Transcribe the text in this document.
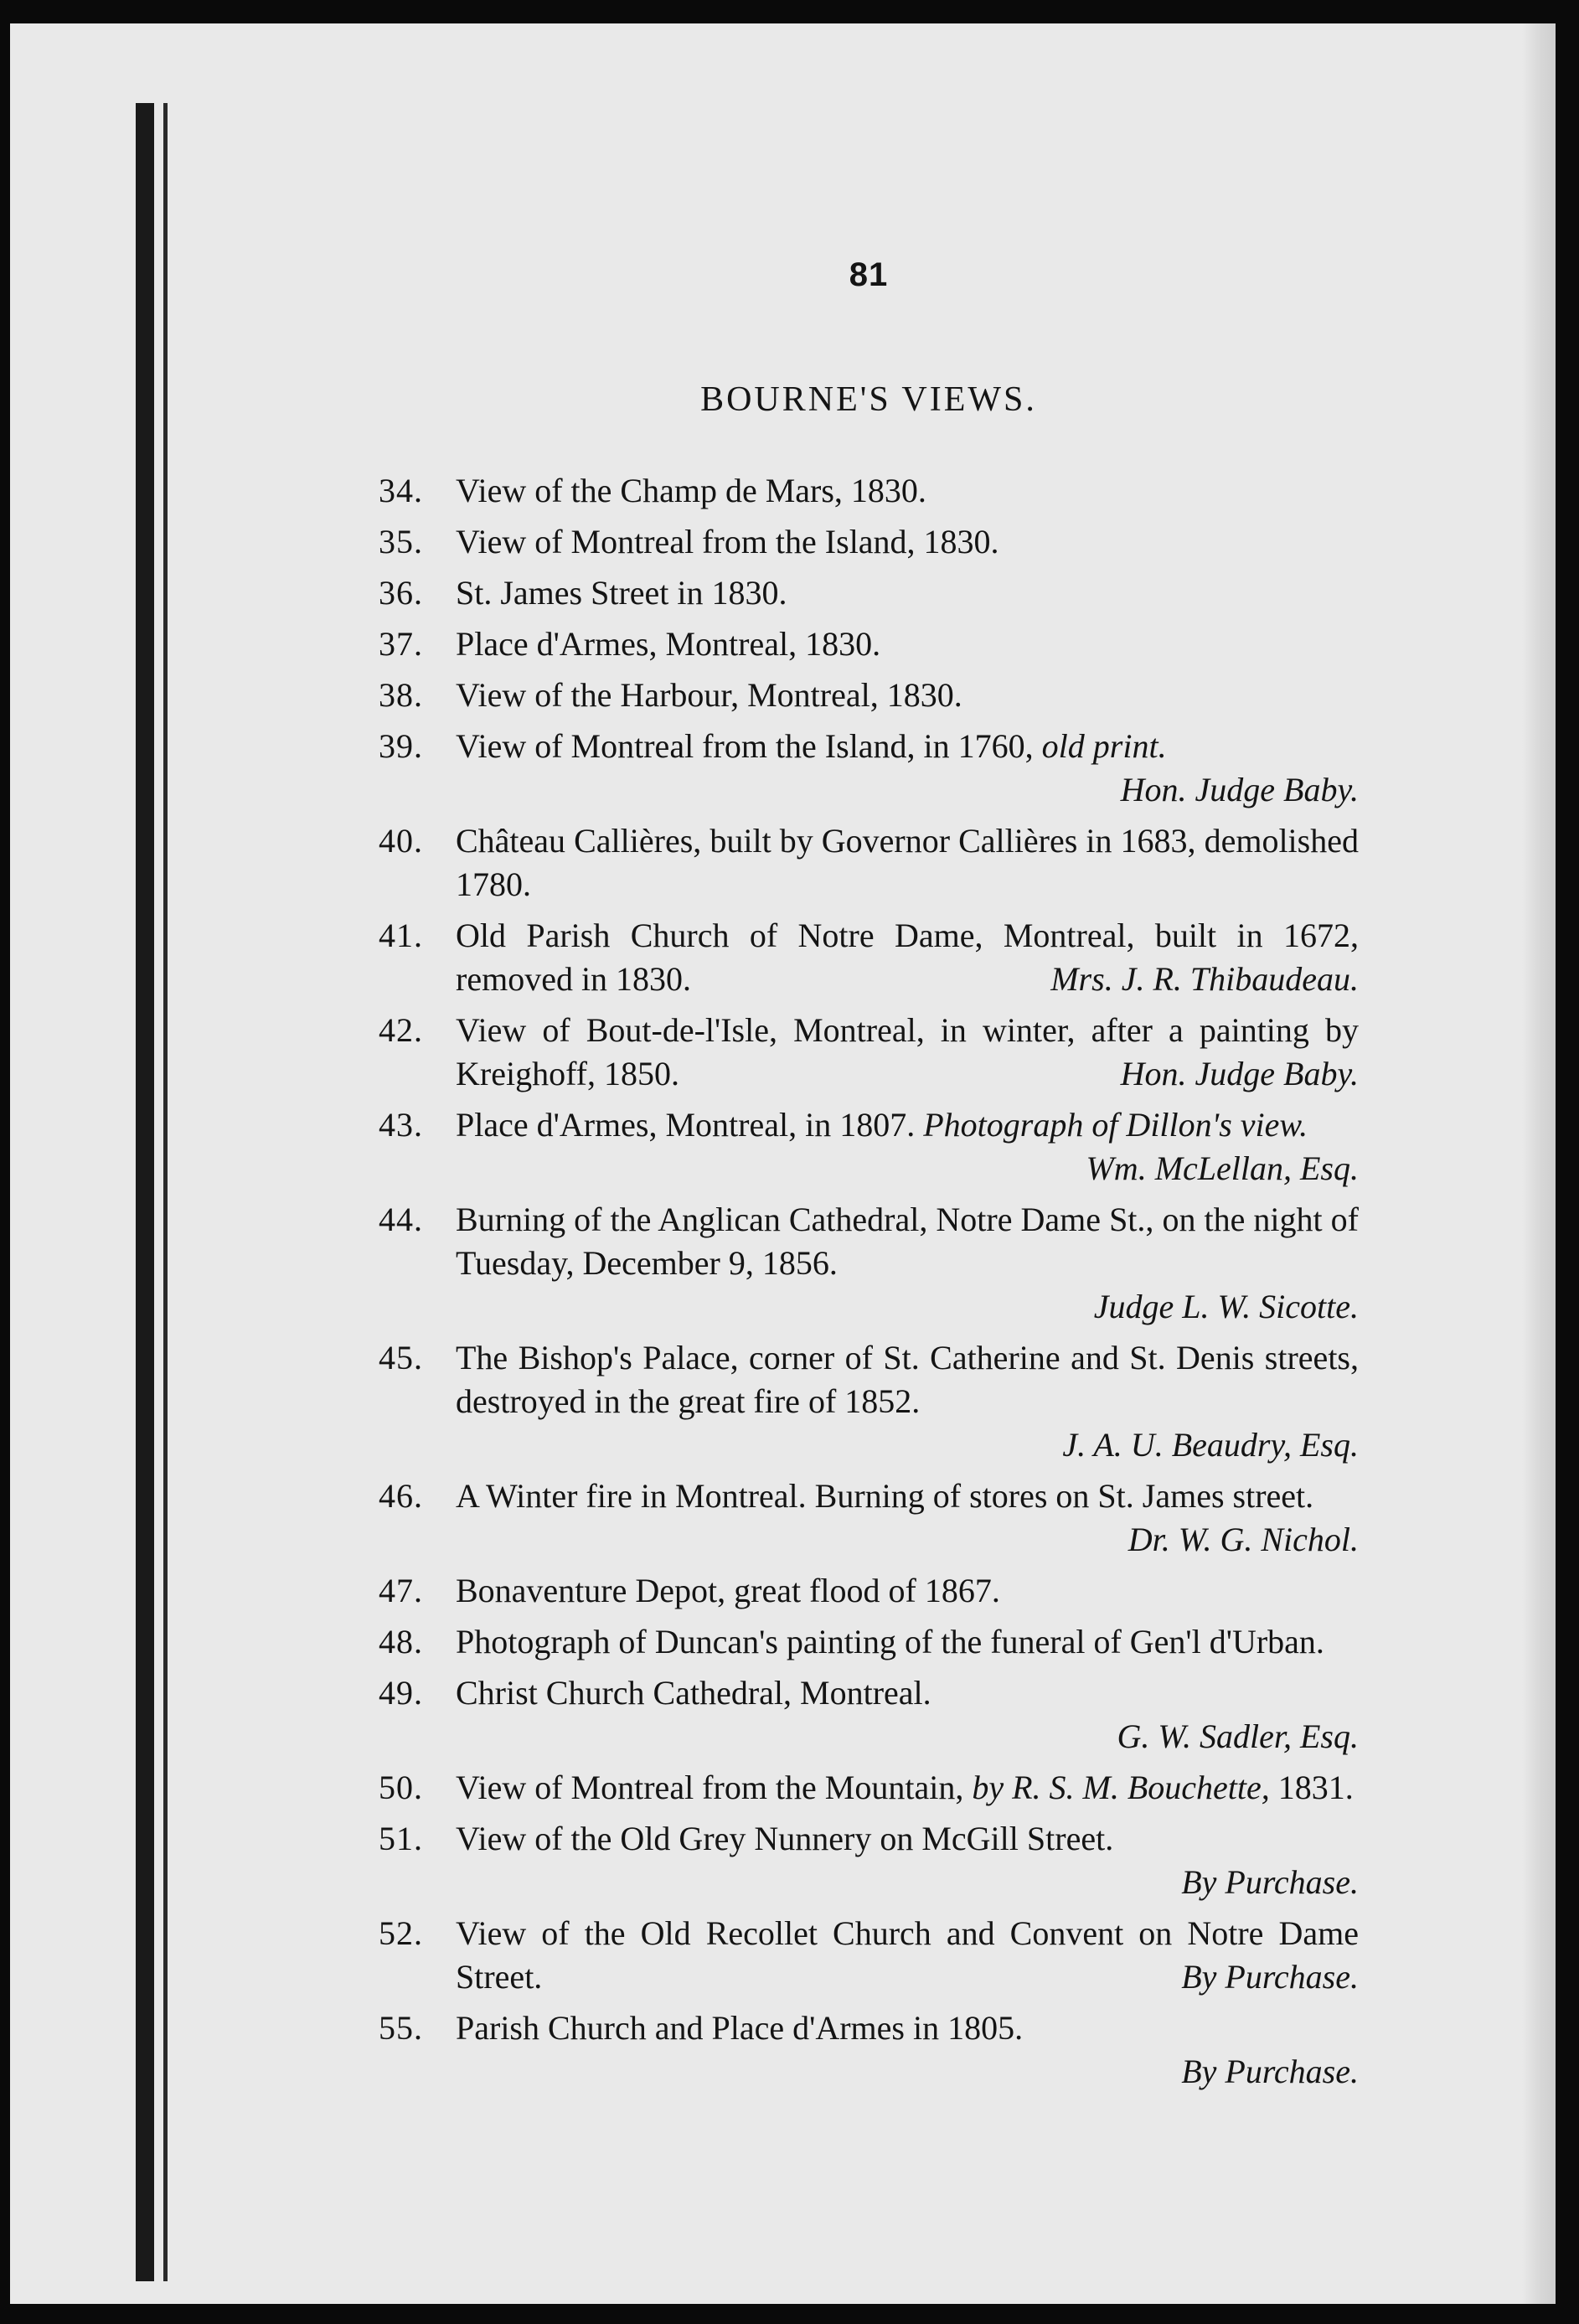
81
BOURNE'S VIEWS.
34. View of the Champ de Mars, 1830.
35. View of Montreal from the Island, 1830.
36. St. James Street in 1830.
37. Place d'Armes, Montreal, 1830.
38. View of the Harbour, Montreal, 1830.
39. View of Montreal from the Island, in 1760, old print.
Hon. Judge Baby.
40. Château Callières, built by Governor Callières in 1683, demolished 1780.
41. Old Parish Church of Notre Dame, Montreal, built in 1672, removed in 1830.	Mrs. J. R. Thibaudeau.
42. View of Bout-de-l'Isle, Montreal, in winter, after a painting by Kreighoff, 1850.	Hon. Judge Baby.
43. Place d'Armes, Montreal, in 1807. Photograph of Dillon's view.
Wm. McLellan, Esq.
44. Burning of the Anglican Cathedral, Notre Dame St., on the night of Tuesday, December 9, 1856.
Judge L. W. Sicotte.
45. The Bishop's Palace, corner of St. Catherine and St. Denis streets, destroyed in the great fire of 1852.
J. A. U. Beaudry, Esq.
46. A Winter fire in Montreal. Burning of stores on St. James street.
Dr. W. G. Nichol.
47. Bonaventure Depot, great flood of 1867.
48. Photograph of Duncan's painting of the funeral of Gen'l d'Urban.
49. Christ Church Cathedral, Montreal.
G. W. Sadler, Esq.
50. View of Montreal from the Mountain, by R. S. M. Bouchette, 1831.
51. View of the Old Grey Nunnery on McGill Street.
By Purchase.
52. View of the Old Recollet Church and Convent on Notre Dame Street.	By Purchase.
55. Parish Church and Place d'Armes in 1805.
By Purchase.
